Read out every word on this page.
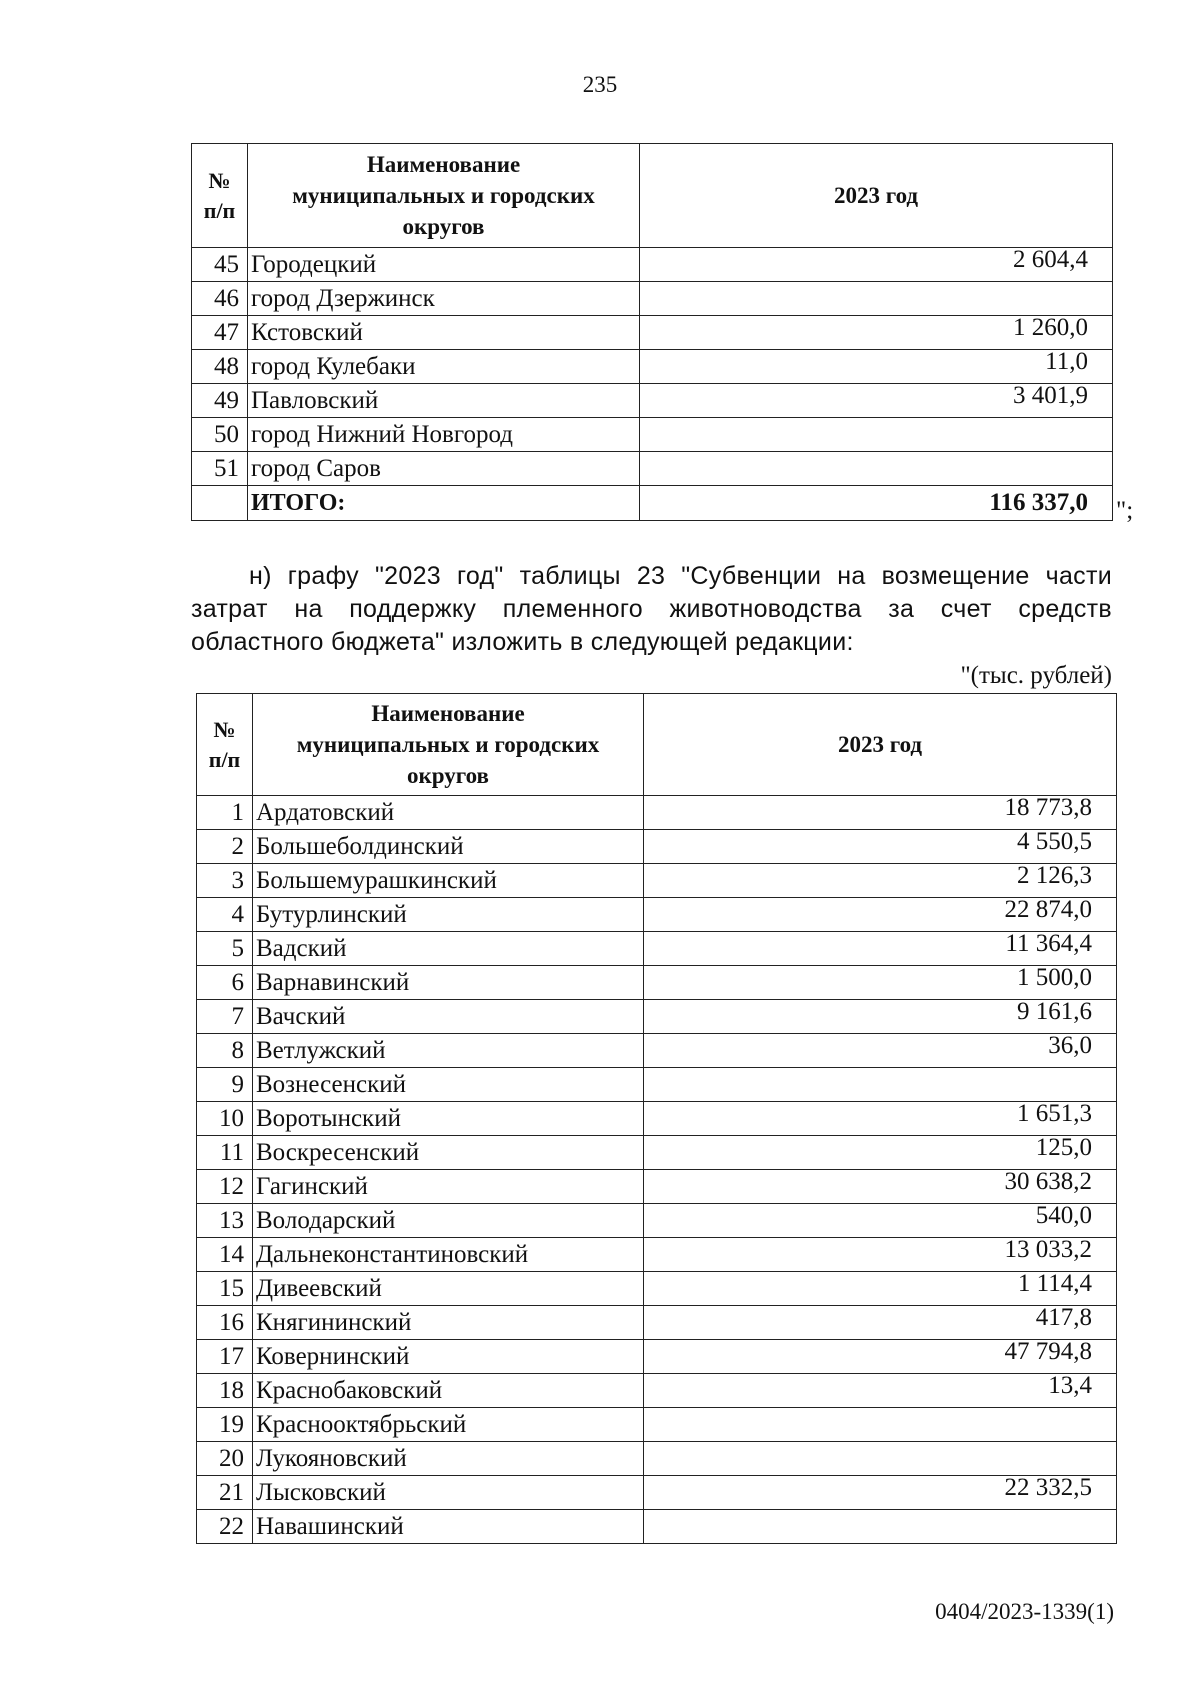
235
№ п/п	Наименование муниципальных и городских округов	2023 год
45	Городецкий	2 604,4
46	город Дзержинск	
47	Кстовский	1 260,0
48	город Кулебаки	11,0
49	Павловский	3 401,9
50	город Нижний Новгород	
51	город Саров	
	ИТОГО:	116 337,0 ";
н) графу "2023 год" таблицы 23 "Субвенции на возмещение части затрат на поддержку племенного животноводства за счет средств областного бюджета" изложить в следующей редакции:
"(тыс. рублей)
№ п/п	Наименование муниципальных и городских округов	2023 год
1	Ардатовский	18 773,8
2	Большеболдинский	4 550,5
3	Большемурашкинский	2 126,3
4	Бутурлинский	22 874,0
5	Вадский	11 364,4
6	Варнавинский	1 500,0
7	Вачский	9 161,6
8	Ветлужский	36,0
9	Вознесенский	
10	Воротынский	1 651,3
11	Воскресенский	125,0
12	Гагинский	30 638,2
13	Володарский	540,0
14	Дальнеконстантиновский	13 033,2
15	Дивеевский	1 114,4
16	Княгининский	417,8
17	Ковернинский	47 794,8
18	Краснобаковский	13,4
19	Краснооктябрьский	
20	Лукояновский	
21	Лысковский	22 332,5
22	Навашинский	
0404/2023-1339(1)
